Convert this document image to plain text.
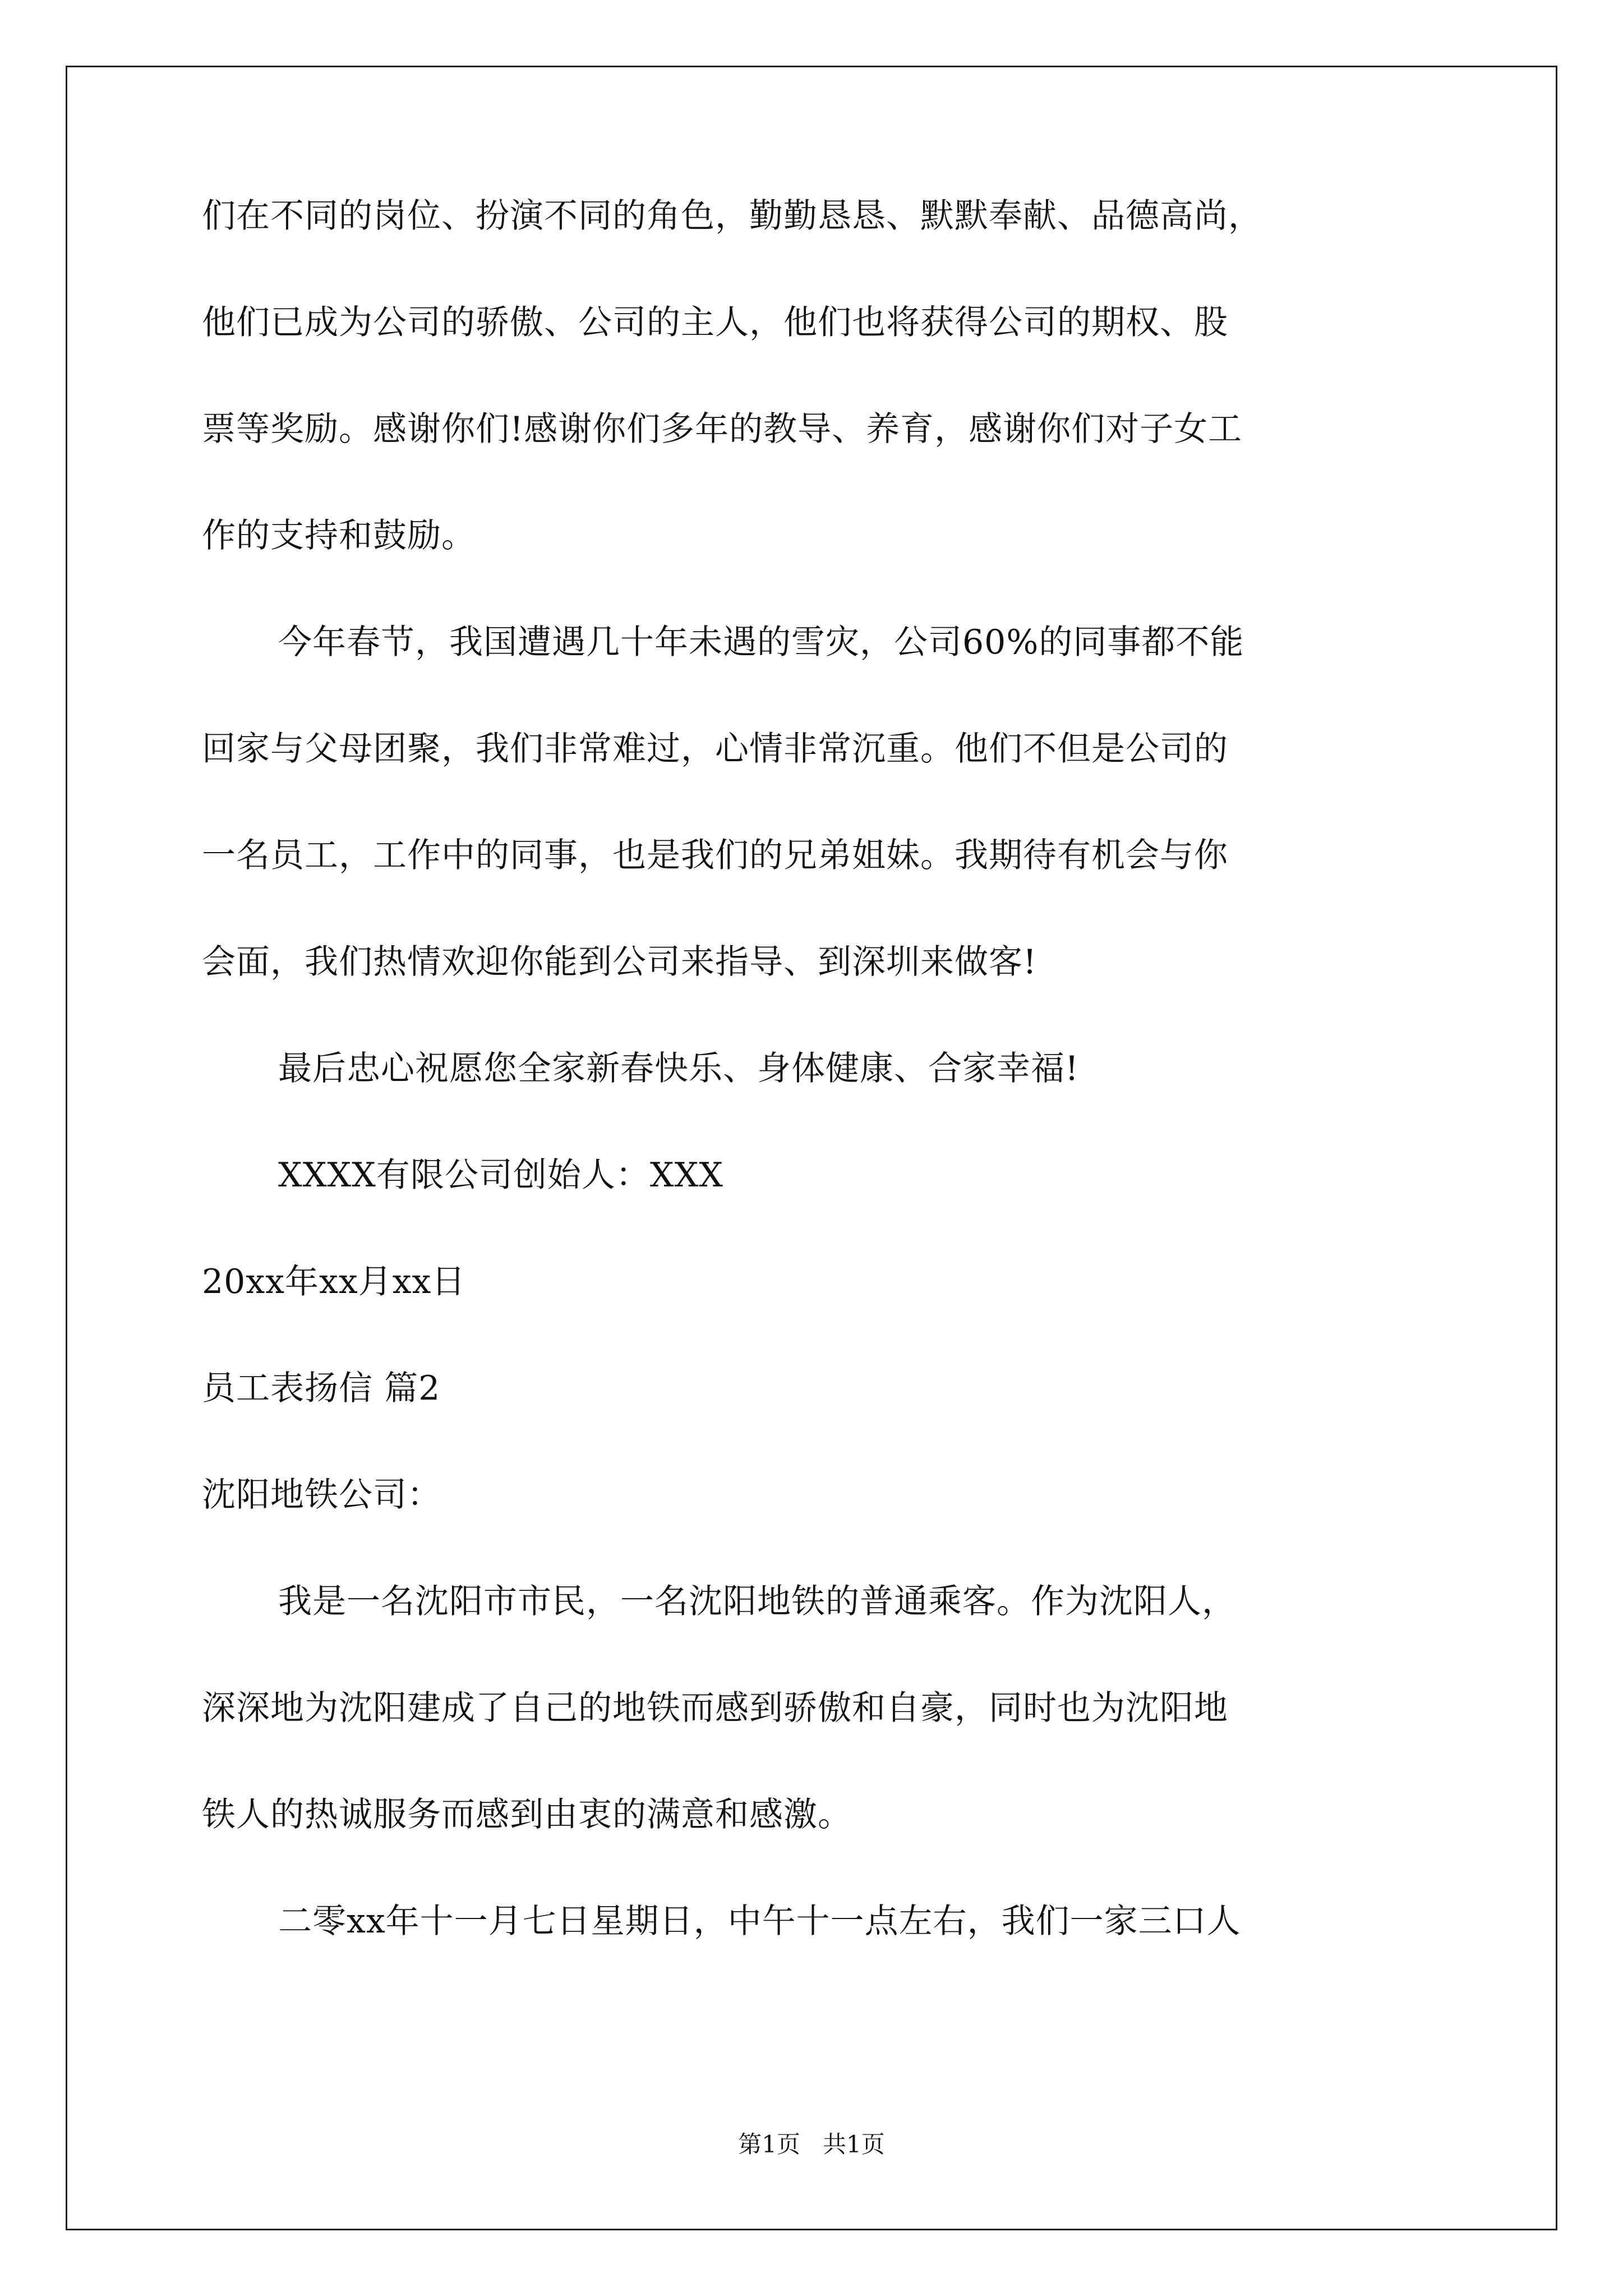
们在不同的岗位、扮演不同的角色，勤勤恳恳、默默奉献、品德高尚，
他们已成为公司的骄傲、公司的主人，他们也将获得公司的期权、股
票等奖励。感谢你们!感谢你们多年的教导、养育，感谢你们对子女工
作的支持和鼓励。
今年春节，我国遭遇几十年未遇的雪灾，公司60%的同事都不能
回家与父母团聚，我们非常难过，心情非常沉重。他们不但是公司的
一名员工，工作中的同事，也是我们的兄弟姐妹。我期待有机会与你
会面，我们热情欢迎你能到公司来指导、到深圳来做客!
最后忠心祝愿您全家新春快乐、身体健康、合家幸福!
XXXX有限公司创始人：XXX
20xx年xx月xx日
员工表扬信 篇2
沈阳地铁公司：
我是一名沈阳市市民，一名沈阳地铁的普通乘客。作为沈阳人，
深深地为沈阳建成了自己的地铁而感到骄傲和自豪，同时也为沈阳地
铁人的热诚服务而感到由衷的满意和感激。
二零xx年十一月七日星期日，中午十一点左右，我们一家三口人
第1页   共1页
